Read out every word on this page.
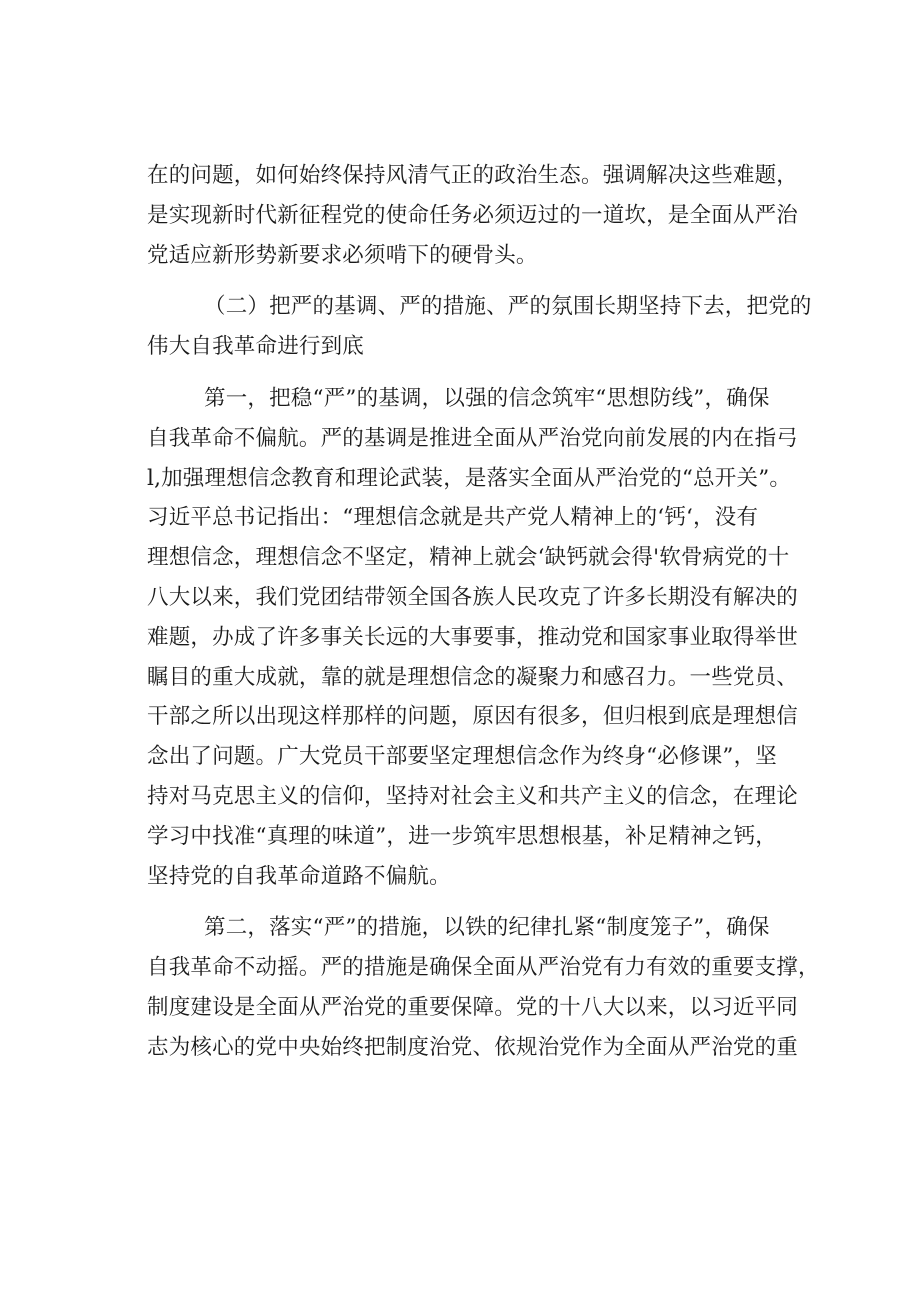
在的问题，如何始终保持风清气正的政治生态。强调解决这些难题，
是实现新时代新征程党的使命任务必须迈过的一道坎，是全面从严治
党适应新形势新要求必须啃下的硬骨头。
（二）把严的基调、严的措施、严的氛围长期坚持下去，把党的
伟大自我革命进行到底
第一，把稳“严”的基调，以强的信念筑牢“思想防线”，确保
自我革命不偏航。严的基调是推进全面从严治党向前发展的内在指弓
l,加强理想信念教育和理论武装，是落实全面从严治党的“总开关”。
习近平总书记指出：“理想信念就是共产党人精神上的‘钙‘，没有
理想信念，理想信念不坚定，精神上就会‘缺钙就会得'软骨病党的十
八大以来，我们党团结带领全国各族人民攻克了许多长期没有解决的
难题，办成了许多事关长远的大事要事，推动党和国家事业取得举世
瞩目的重大成就，靠的就是理想信念的凝聚力和感召力。一些党员、
干部之所以出现这样那样的问题，原因有很多，但归根到底是理想信
念出了问题。广大党员干部要坚定理想信念作为终身“必修课”，坚
持对马克思主义的信仰，坚持对社会主义和共产主义的信念，在理论
学习中找准“真理的味道”，进一步筑牢思想根基，补足精神之钙，
坚持党的自我革命道路不偏航。
第二，落实“严”的措施，以铁的纪律扎紧“制度笼子”，确保
自我革命不动摇。严的措施是确保全面从严治党有力有效的重要支撑，
制度建设是全面从严治党的重要保障。党的十八大以来，以习近平同
志为核心的党中央始终把制度治党、依规治党作为全面从严治党的重
